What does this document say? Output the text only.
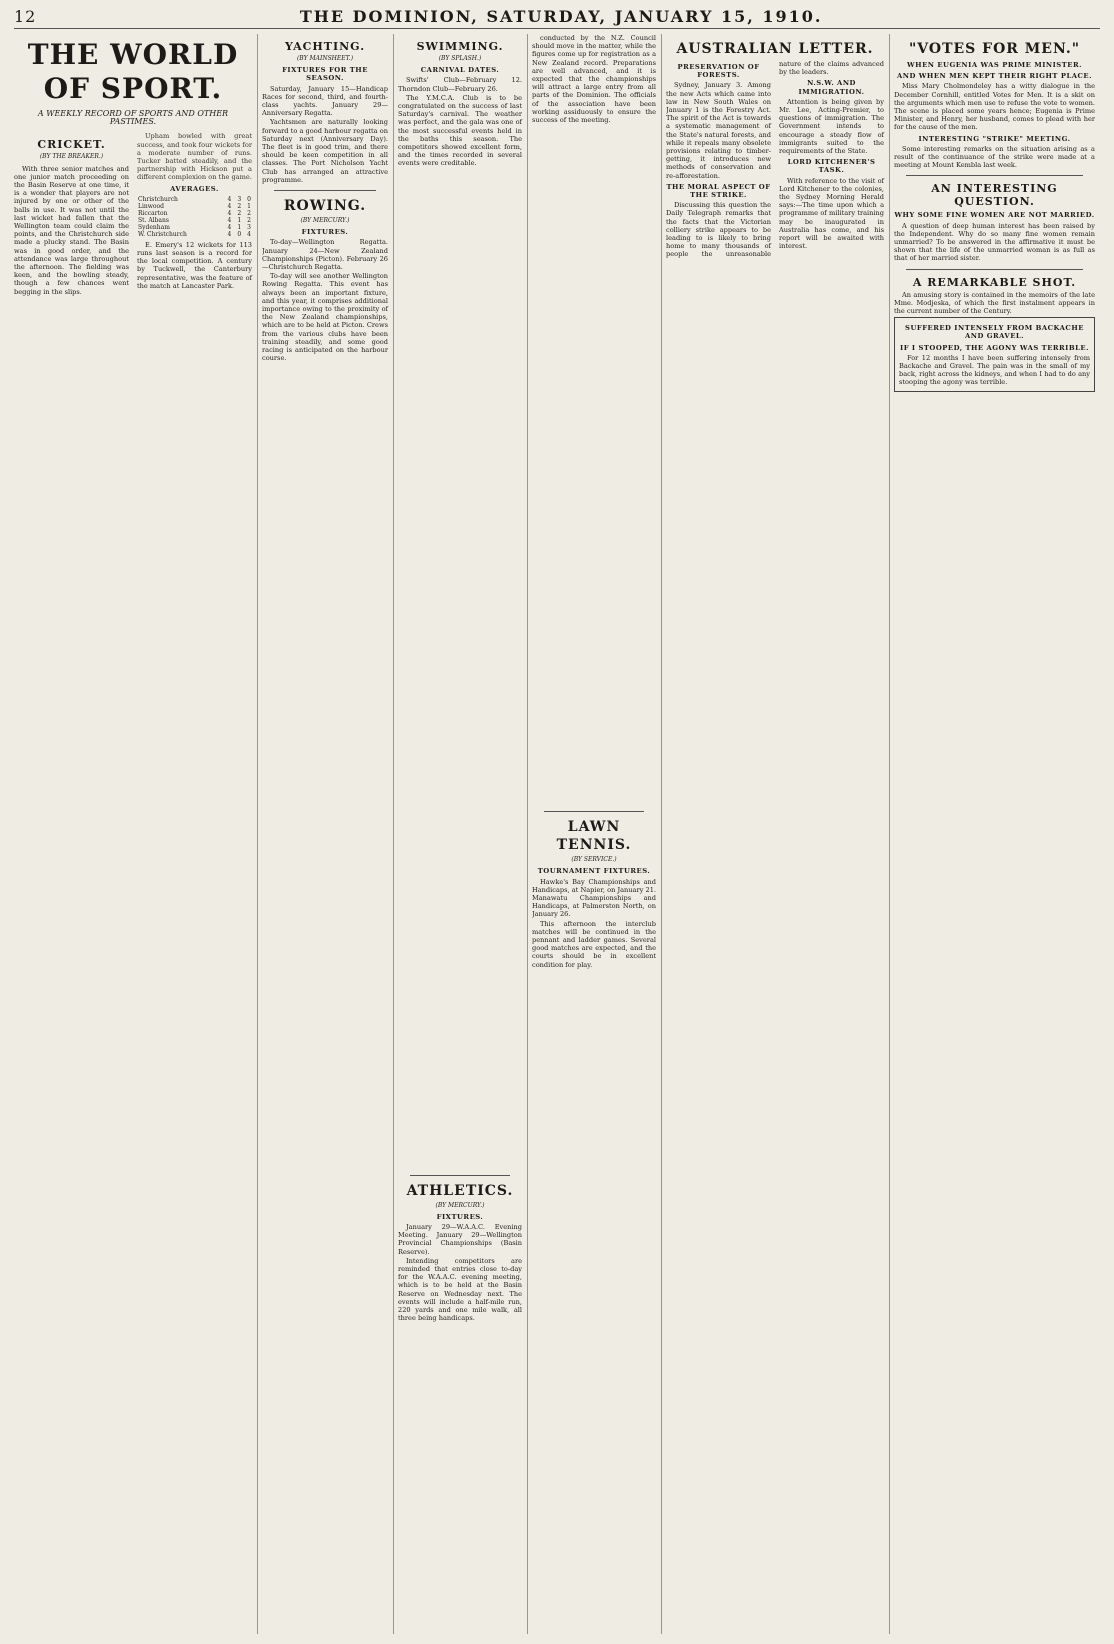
12	THE DOMINION, SATURDAY, JANUARY 15, 1910.
THE WORLD OF SPORT.
A WEEKLY RECORD OF SPORTS AND OTHER PASTIMES.
CRICKET.
(BY THE BREAKER.)

With three senior matches and one junior match proceeding on the Basin Reserve at one time, it is a wonder that players are not injured by one or other of the balls in use. It was not until the last wicket had fallen that the Wellington team could claim the points, and the Christchurch side made a plucky stand. The Basin was in good order, and the attendance was large throughout the afternoon. The fielding was keen, and the bowling steady, though a few chances went begging in the slips.

Upham bowled with great success, and took four wickets for a moderate number of runs. Tucker batted steadily, and the partnership with Hickson put a different complexion on the game.

AVERAGES.
Christchurch	4	3	0
Linwood	4	2	1
Riccarton	4	2	2
St. Albans	4	1	2
Sydenham	4	1	3
W. Christchurch	4	0	4

E. Emery's 12 wickets for 113 runs last season is a record for the local competition. A century by Tuckwell, the Canterbury representative, was the feature of the match at Lancaster Park.

YACHTING.
(BY MAINSHEET.)
FIXTURES FOR THE SEASON.

Saturday, January 15—Handicap Races for second, third, and fourth-class yachts. January 29—Anniversary Regatta.

Yachtsmen are naturally looking forward to a good harbour regatta on Saturday next (Anniversary Day). The fleet is in good trim, and there should be keen competition in all classes. The Port Nicholson Yacht Club has arranged an attractive programme.

ROWING.
(BY MERCURY.)
FIXTURES.

To-day—Wellington Regatta. January 24—New Zealand Championships (Picton). February 26—Christchurch Regatta.

To-day will see another Wellington Rowing Regatta. This event has always been an important fixture, and this year, it comprises additional importance owing to the proximity of the New Zealand championships, which are to be held at Picton. Crews from the various clubs have been training steadily, and some good racing is anticipated on the harbour course.

SWIMMING.
(BY SPLASH.)
CARNIVAL DATES.

Swifts' Club—February 12. Thorndon Club—February 26.

The Y.M.C.A. Club is to be congratulated on the success of last Saturday's carnival. The weather was perfect, and the gala was one of the most successful events held in the baths this season. The competitors showed excellent form, and the times recorded in several events were creditable.

ATHLETICS.
(BY MERCURY.)
FIXTURES.

January 29—W.A.A.C. Evening Meeting. January 29—Wellington Provincial Championships (Basin Reserve).

Intending competitors are reminded that entries close to-day for the W.A.A.C. evening meeting, which is to be held at the Basin Reserve on Wednesday next. The events will include a half-mile run, 220 yards and one mile walk, all three being handicaps.

conducted by the N.Z. Council should move in the matter, while the figures come up for registration as a New Zealand record. Preparations are well advanced, and it is expected that the championships will attract a large entry from all parts of the Dominion. The officials of the association have been working assiduously to ensure the success of the meeting.

LAWN TENNIS.
(BY SERVICE.)
TOURNAMENT FIXTURES.

Hawke's Bay Championships and Handicaps, at Napier, on January 21. Manawatu Championships and Handicaps, at Palmerston North, on January 26.

This afternoon the interclub matches will be continued in the pennant and ladder games. Several good matches are expected, and the courts should be in excellent condition for play.

AUSTRALIAN LETTER.
PRESERVATION OF FORESTS.

Sydney, January 3. Among the new Acts which came into law in New South Wales on January 1 is the Forestry Act. The spirit of the Act is towards a systematic management of the State's natural forests, and while it repeals many obsolete provisions relating to timber-getting, it introduces new methods of conservation and re-afforestation.

THE MORAL ASPECT OF THE STRIKE.

Discussing this question the Daily Telegraph remarks that the facts that the Victorian colliery strike appears to be leading to is likely to bring home to many thousands of people the unreasonable nature of the claims advanced by the leaders.

N.S.W. AND IMMIGRATION.

Attention is being given by Mr. Lee, Acting-Premier, to questions of immigration. The Government intends to encourage a steady flow of immigrants suited to the requirements of the State.

LORD KITCHENER'S TASK.

With reference to the visit of Lord Kitchener to the colonies, the Sydney Morning Herald says:—The time upon which a programme of military training may be inaugurated in Australia has come, and his report will be awaited with interest.

"VOTES FOR MEN."
WHEN EUGENIA WAS PRIME MINISTER.
AND WHEN MEN KEPT THEIR RIGHT PLACE.

Miss Mary Cholmondeley has a witty dialogue in the December Cornhill, entitled Votes for Men. It is a skit on the arguments which men use to refuse the vote to women. The scene is placed some years hence; Eugenia is Prime Minister, and Henry, her husband, comes to plead with her for the cause of the men.

INTERESTING "STRIKE" MEETING.

Some interesting remarks on the situation arising as a result of the continuance of the strike were made at a meeting at Mount Kembla last week.

AN INTERESTING QUESTION.
WHY SOME FINE WOMEN ARE NOT MARRIED.

A question of deep human interest has been raised by the Independent. Why do so many fine women remain unmarried? To be answered in the affirmative it must be shown that the life of the unmarried woman is as full as that of her married sister.

A REMARKABLE SHOT.

An amusing story is contained in the memoirs of the late Mme. Modjeska, of which the first instalment appears in the current number of the Century.

SUFFERED INTENSELY FROM BACKACHE AND GRAVEL.
IF I STOOPED, THE AGONY WAS TERRIBLE.

For 12 months I have been suffering intensely from Backache and Gravel. The pain was in the small of my back, right across the kidneys, and when I had to do any stooping the agony was terrible.
